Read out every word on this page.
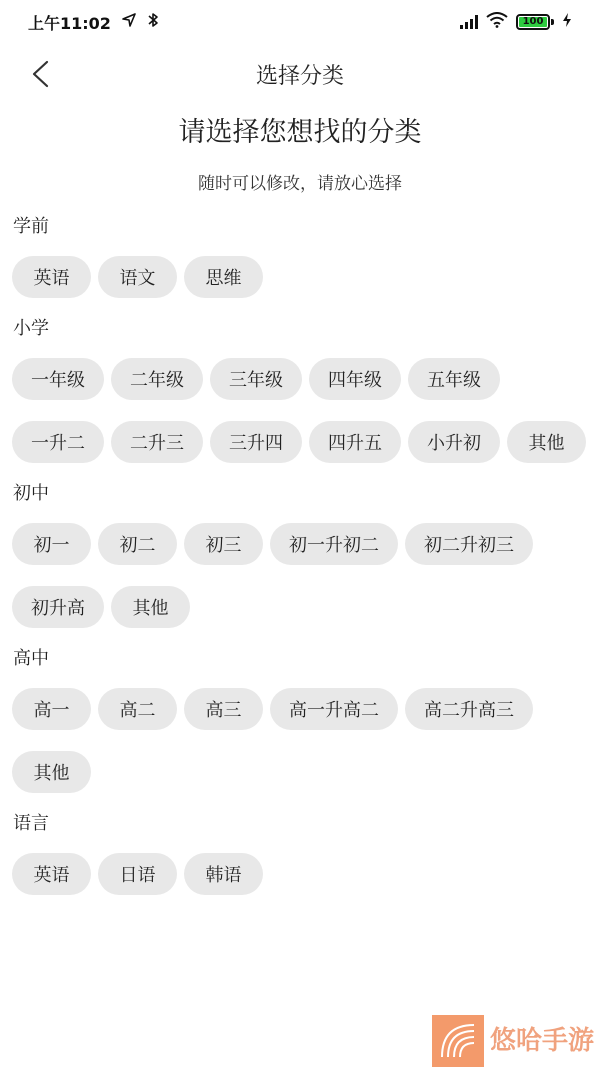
上午11:02	100
选择分类
请选择您想找的分类
随时可以修改，请放心选择
学前
英语	语文	思维
小学
一年级	二年级	三年级	四年级	五年级
一升二	二升三	三升四	四升五	小升初	其他
初中
初一	初二	初三	初一升初二	初二升初三
初升高	其他
高中
高一	高二	高三	高一升高二	高二升高三
其他
语言
英语	日语	韩语
悠哈手游
